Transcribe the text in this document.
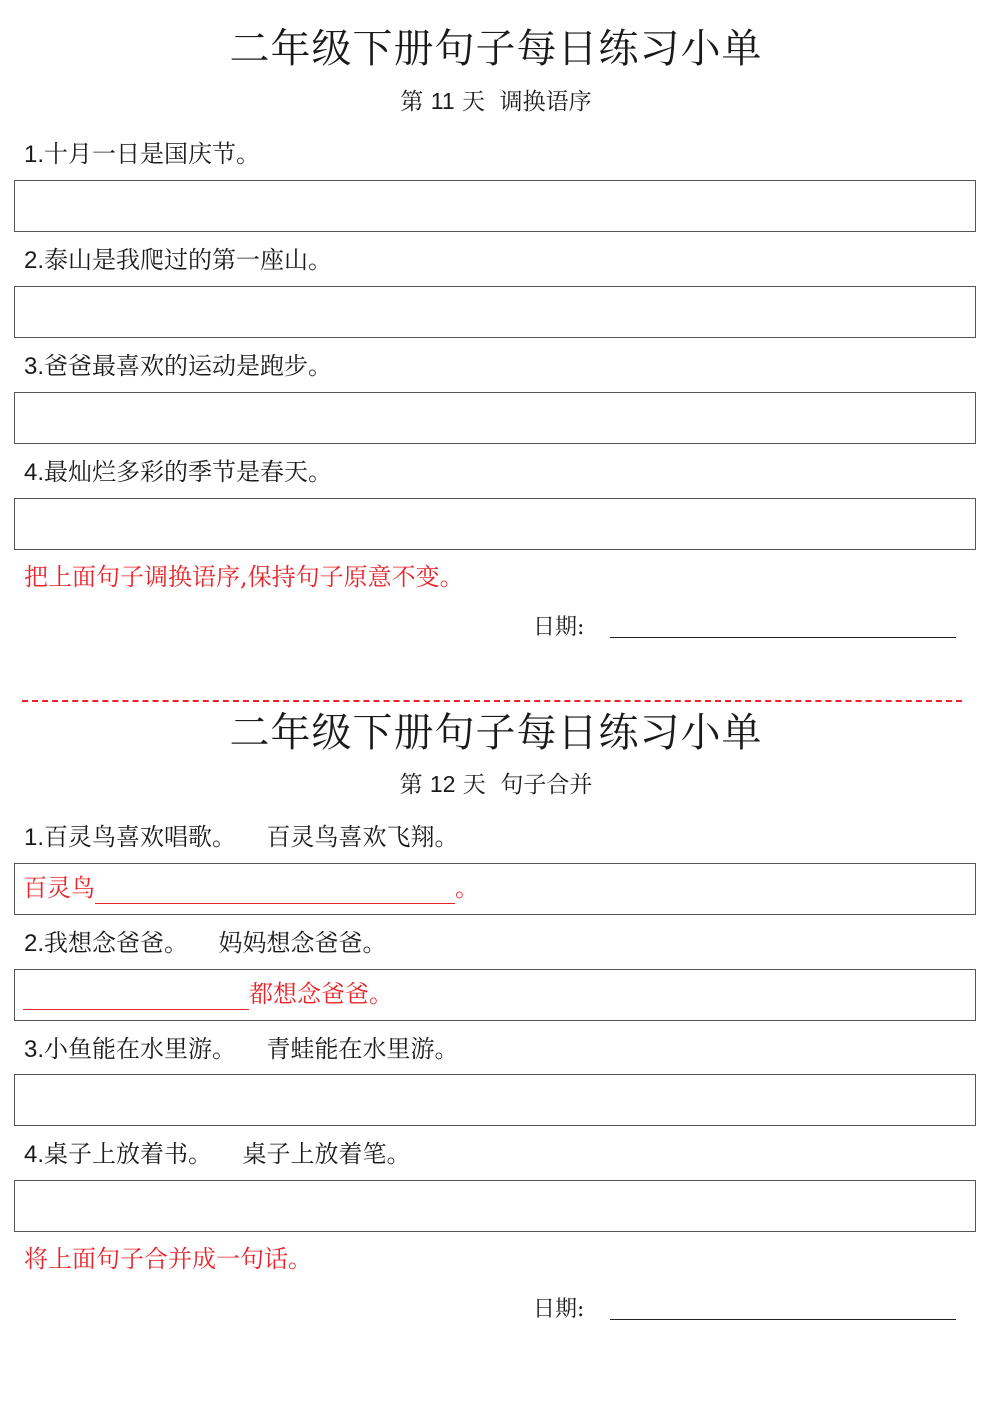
二年级下册句子每日练习小单
第 11 天 调换语序
1.十月一日是国庆节。
2.泰山是我爬过的第一座山。
3.爸爸最喜欢的运动是跑步。
4.最灿烂多彩的季节是春天。
把上面句子调换语序,保持句子原意不变。
日期:
二年级下册句子每日练习小单
第 12 天 句子合并
1.百灵鸟喜欢唱歌。    百灵鸟喜欢飞翔。
百灵鸟	。
2.我想念爸爸。    妈妈想念爸爸。
都想念爸爸。
3.小鱼能在水里游。    青蛙能在水里游。
4.桌子上放着书。    桌子上放着笔。
将上面句子合并成一句话。
日期:
